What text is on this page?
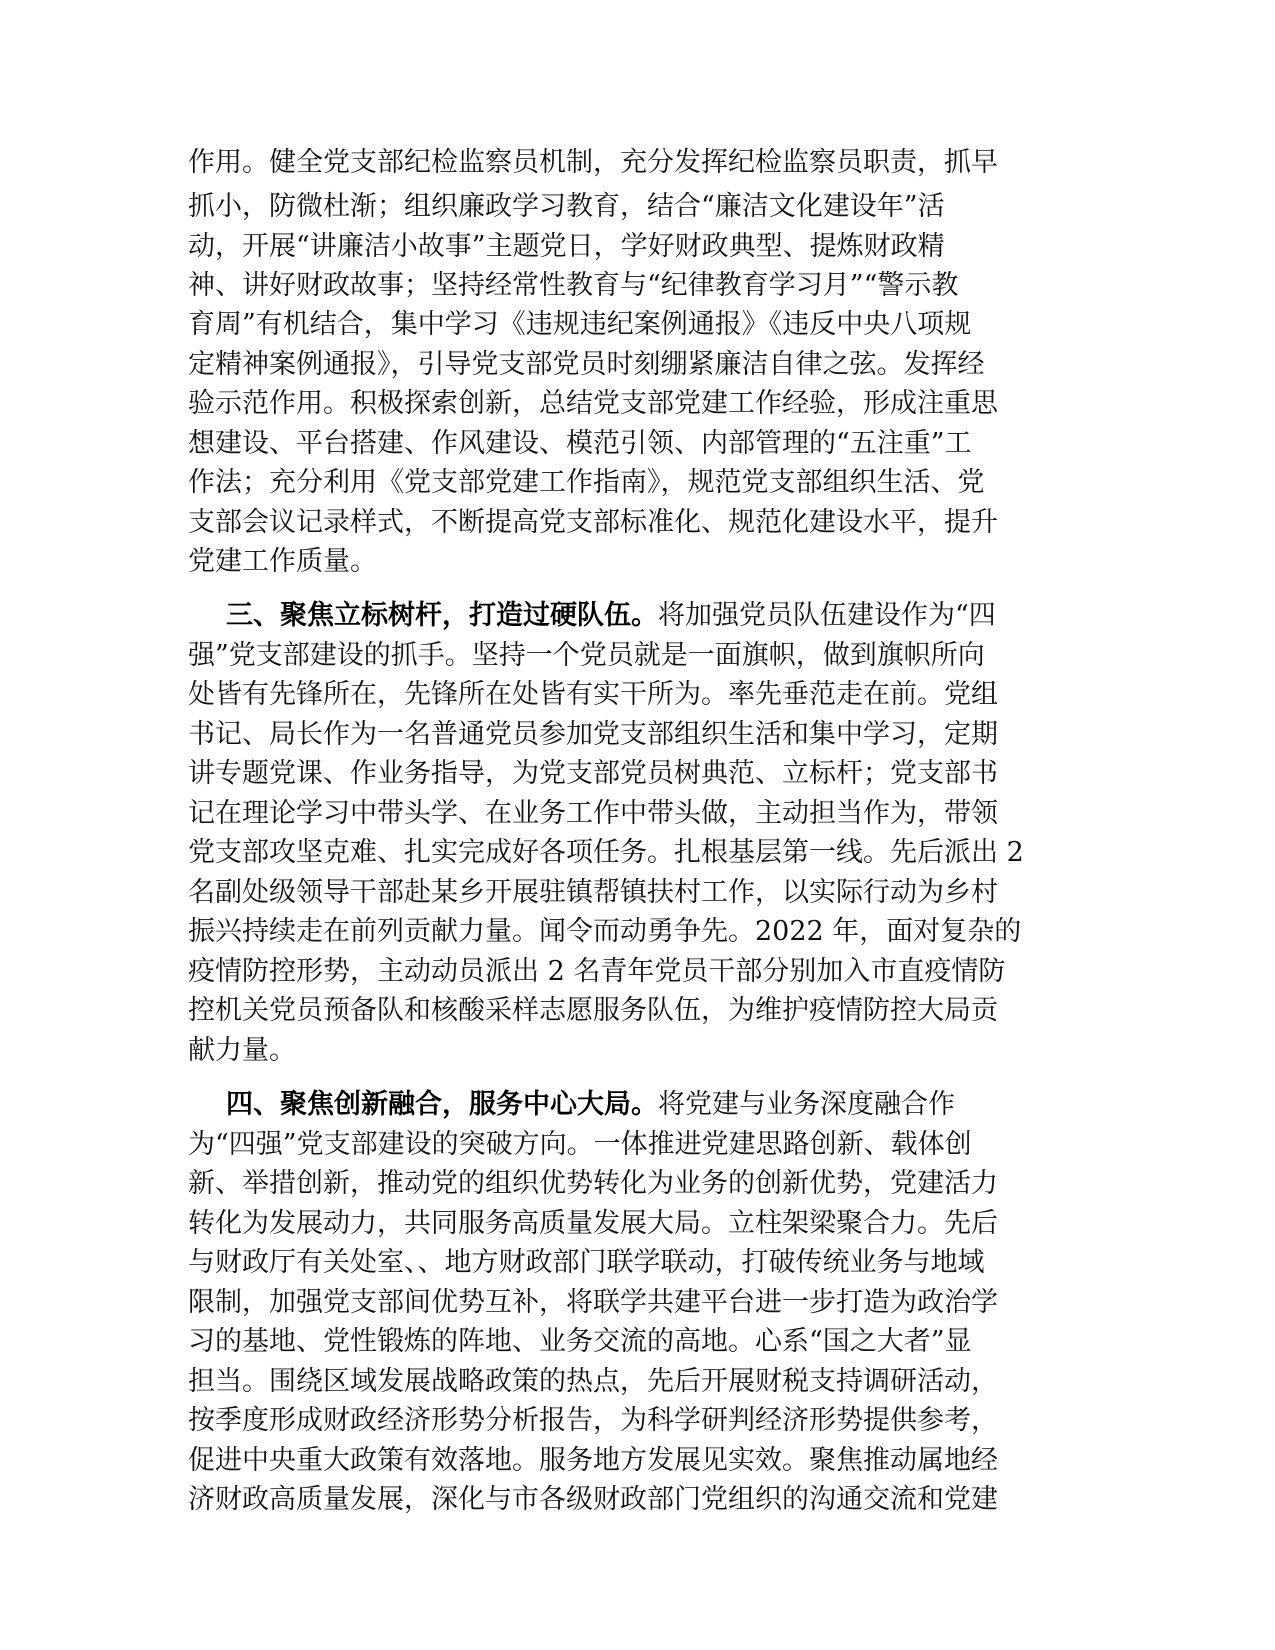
作用。健全党支部纪检监察员机制，充分发挥纪检监察员职责，抓早

抓小，防微杜渐；组织廉政学习教育，结合“廉洁文化建设年”活

动，开展“讲廉洁小故事”主题党日，学好财政典型、提炼财政精

神、讲好财政故事；坚持经常性教育与“纪律教育学习月”“警示教

育周”有机结合，集中学习《违规违纪案例通报》《违反中央八项规

定精神案例通报》，引导党支部党员时刻绷紧廉洁自律之弦。发挥经

验示范作用。积极探索创新，总结党支部党建工作经验，形成注重思

想建设、平台搭建、作风建设、模范引领、内部管理的“五注重”工

作法；充分利用《党支部党建工作指南》，规范党支部组织生活、党

支部会议记录样式，不断提高党支部标准化、规范化建设水平，提升

党建工作质量。

三、聚焦立标树杆，打造过硬队伍。将加强党员队伍建设作为“四

强”党支部建设的抓手。坚持一个党员就是一面旗帜，做到旗帜所向

处皆有先锋所在，先锋所在处皆有实干所为。率先垂范走在前。党组

书记、局长作为一名普通党员参加党支部组织生活和集中学习，定期

讲专题党课、作业务指导，为党支部党员树典范、立标杆；党支部书

记在理论学习中带头学、在业务工作中带头做，主动担当作为，带领

党支部攻坚克难、扎实完成好各项任务。扎根基层第一线。先后派出 2

名副处级领导干部赴某乡开展驻镇帮镇扶村工作，以实际行动为乡村

振兴持续走在前列贡献力量。闻令而动勇争先。2022 年，面对复杂的

疫情防控形势，主动动员派出 2 名青年党员干部分别加入市直疫情防

控机关党员预备队和核酸采样志愿服务队伍，为维护疫情防控大局贡

献力量。

四、聚焦创新融合，服务中心大局。将党建与业务深度融合作

为“四强”党支部建设的突破方向。一体推进党建思路创新、载体创

新、举措创新，推动党的组织优势转化为业务的创新优势，党建活力

转化为发展动力，共同服务高质量发展大局。立柱架梁聚合力。先后

与财政厅有关处室、、地方财政部门联学联动，打破传统业务与地域

限制，加强党支部间优势互补，将联学共建平台进一步打造为政治学

习的基地、党性锻炼的阵地、业务交流的高地。心系“国之大者”显

担当。围绕区域发展战略政策的热点，先后开展财税支持调研活动，

按季度形成财政经济形势分析报告，为科学研判经济形势提供参考，

促进中央重大政策有效落地。服务地方发展见实效。聚焦推动属地经

济财政高质量发展，深化与市各级财政部门党组织的沟通交流和党建
